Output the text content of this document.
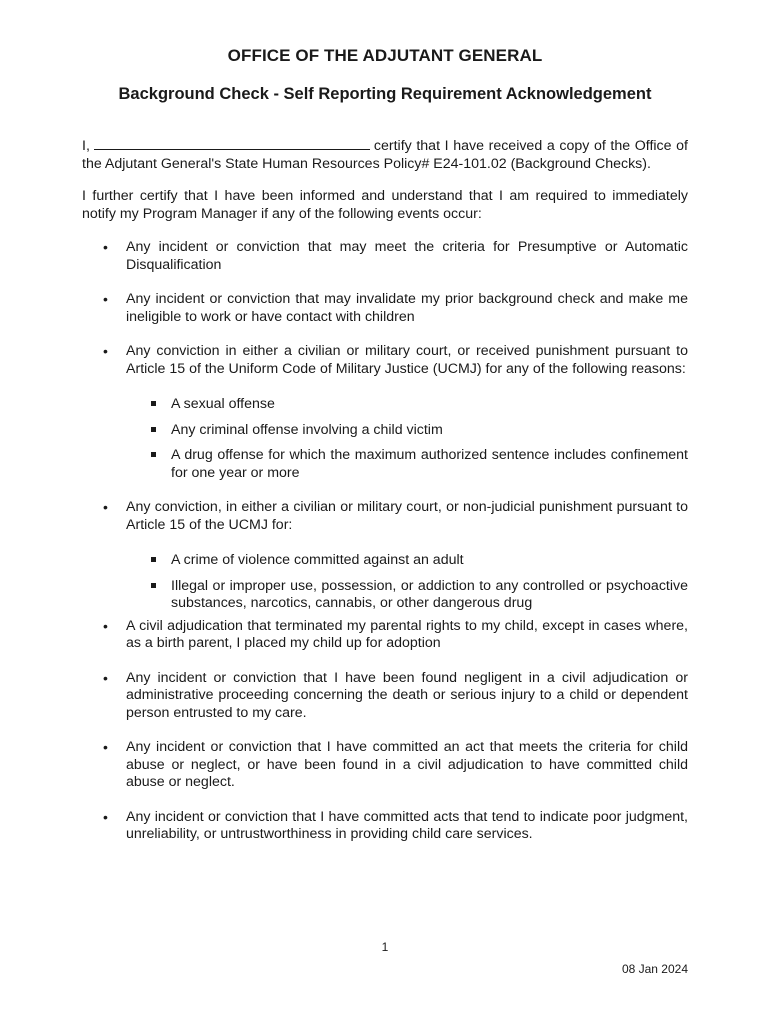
OFFICE OF THE ADJUTANT GENERAL
Background Check - Self Reporting Requirement Acknowledgement

I,	certify that I have received a copy of the Office of the Adjutant General's State Human Resources Policy# E24-101.02 (Background Checks).

I further certify that I have been informed and understand that I am required to immediately notify my Program Manager if any of the following events occur:

• Any incident or conviction that may meet the criteria for Presumptive or Automatic Disqualification
• Any incident or conviction that may invalidate my prior background check and make me ineligible to work or have contact with children
• Any conviction in either a civilian or military court, or received punishment pursuant to Article 15 of the Uniform Code of Military Justice (UCMJ) for any of the following reasons:
A sexual offense
Any criminal offense involving a child victim
A drug offense for which the maximum authorized sentence includes confinement for one year or more
• Any conviction, in either a civilian or military court, or non-judicial punishment pursuant to Article 15 of the UCMJ for:
A crime of violence committed against an adult
Illegal or improper use, possession, or addiction to any controlled or psychoactive substances, narcotics, cannabis, or other dangerous drug
• A civil adjudication that terminated my parental rights to my child, except in cases where, as a birth parent, I placed my child up for adoption
• Any incident or conviction that I have been found negligent in a civil adjudication or administrative proceeding concerning the death or serious injury to a child or dependent person entrusted to my care.
• Any incident or conviction that I have committed an act that meets the criteria for child abuse or neglect, or have been found in a civil adjudication to have committed child abuse or neglect.
• Any incident or conviction that I have committed acts that tend to indicate poor judgment, unreliability, or untrustworthiness in providing child care services.
1
08 Jan 2024
